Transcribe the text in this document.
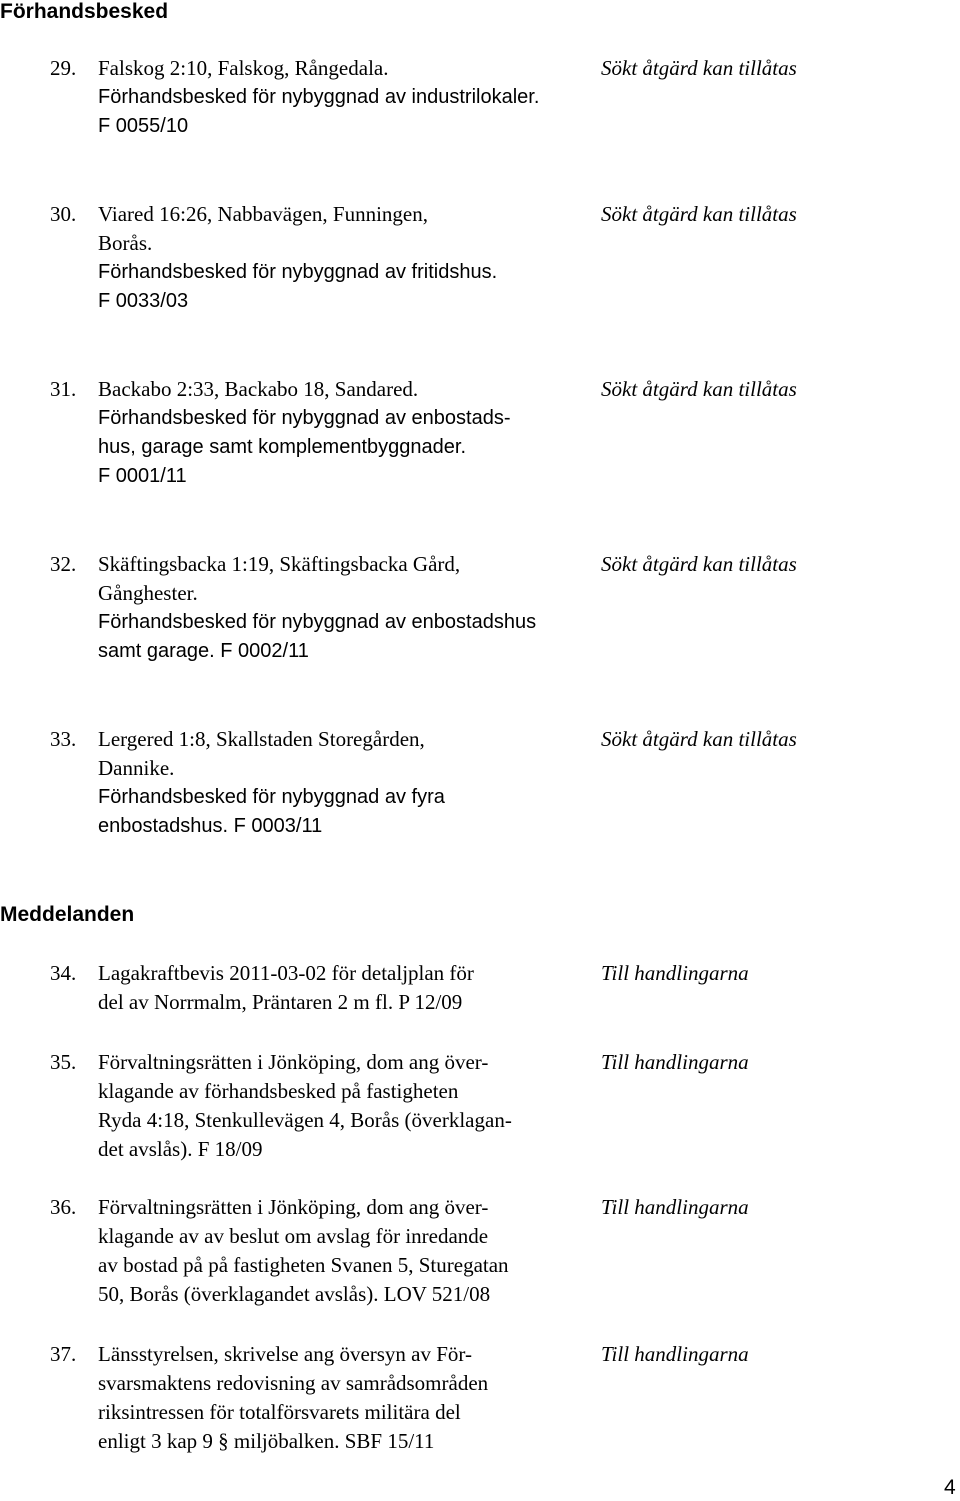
Förhandsbesked
29. Falskog 2:10, Falskog, Rångedala.
Förhandsbesked för nybyggnad av industrilokaler.
F 0055/10
Sökt åtgärd kan tillåtas
30. Viared 16:26, Nabbavägen, Funningen,
Borås.
Förhandsbesked för nybyggnad av fritidshus.
F 0033/03
Sökt åtgärd kan tillåtas
31. Backabo 2:33, Backabo 18, Sandared.
Förhandsbesked för nybyggnad av enbostads-
hus, garage samt komplementbyggnader.
F 0001/11
Sökt åtgärd kan tillåtas
32. Skäftingsbacka 1:19, Skäftingsbacka Gård,
Gånghester.
Förhandsbesked för nybyggnad av enbostadshus
samt garage. F 0002/11
Sökt åtgärd kan tillåtas
33. Lergered 1:8, Skallstaden Storegården,
Dannike.
Förhandsbesked för nybyggnad av fyra
enbostadshus. F 0003/11
Sökt åtgärd kan tillåtas
Meddelanden
34. Lagakraftbevis 2011-03-02 för detaljplan för
del av Norrmalm, Präntaren 2 m fl. P 12/09
Till handlingarna
35. Förvaltningsrätten i Jönköping, dom ang över-
klagande av förhandsbesked på fastigheten
Ryda 4:18, Stenkullevägen 4, Borås (överklagan-
det avslås). F 18/09
Till handlingarna
36. Förvaltningsrätten i Jönköping, dom ang över-
klagande av av beslut om avslag för inredande
av bostad på på fastigheten Svanen 5, Sturegatan
50, Borås (överklagandet avslås). LOV 521/08
Till handlingarna
37. Länsstyrelsen, skrivelse ang översyn av För-
svarsmaktens redovisning av samrådsområden
riksintressen för totalförsvarets militära del
enligt 3 kap 9 § miljöbalken. SBF 15/11
Till handlingarna
4
